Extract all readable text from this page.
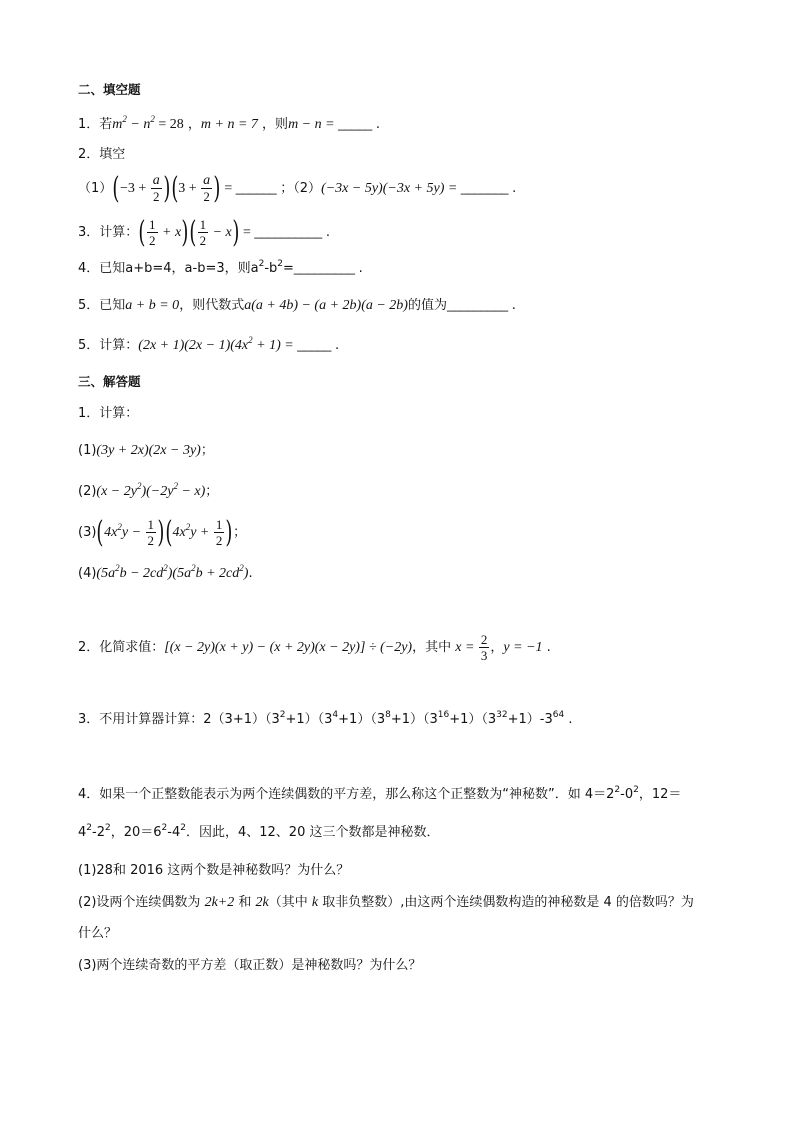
二、填空题
1．若$m^2 - n^2 = 28$ ，m + n = 7 ，则m − n = _____ .
2．填空
$(1)(-3 + \frac{a}{2} )(3 + \frac{a}{2}$ ) = ______ ；（2）(−3x − 5y)(−3x + 5y) = _______ .
3．计算：( $\frac{1}{2} + x)( \frac{1}{2} - x)$ = __________ .
4．已知a+b=4，a-b=3，则$a^2-b^2=\_\_\_\_\_\_\_\_\_$ .
5．已知a + b = 0，则代数式a(a + 4b) − (a + 2b)(a − 2b)的值为_________ .
5．计算：$(2x + 1)(2x - 1)(4x^2 + 1)$ = _____ .
三、解答题
1．计算：
(1)(3y + 2x)(2x − 3y)；
$(2)(x - 2y^2)(-2y^2 - x)$；
$(3)(4x^2y - \frac{1}{2} )(4x^2y + \frac{1}{2}$ )；
$(4)(5a^2b - 2cd^2)(5a^2b + 2cd^2)$.
2．化简求值：[(x − 2y)(x + y) − (x + 2y)(x − 2y)] ÷ (−2y)，其中 $x = \frac{2}{3}$ ，y = −1 .
3．不用计算器计算：$2(3+1)(3^2+1)(3^4+1)(3^8+1)(3^{16}+1)(3^{32}+1)-3^{64}$ .
4．如果一个正整数能表示为两个连续偶数的平方差，那么称这个正整数为“神秘数”．如 $4=2^2-0^2$，12＝
$4^2-2^2$，$20=6^2-4^2$．因此，4、12、20 这三个数都是神秘数．
(1)28和 2016 这两个数是神秘数吗？为什么？
(2)设两个连续偶数为 2k+2 和 2k（其中 k 取非负整数）,由这两个连续偶数构造的神秘数是 4 的倍数吗？为
什么？
(3)两个连续奇数的平方差（取正数）是神秘数吗？为什么？
